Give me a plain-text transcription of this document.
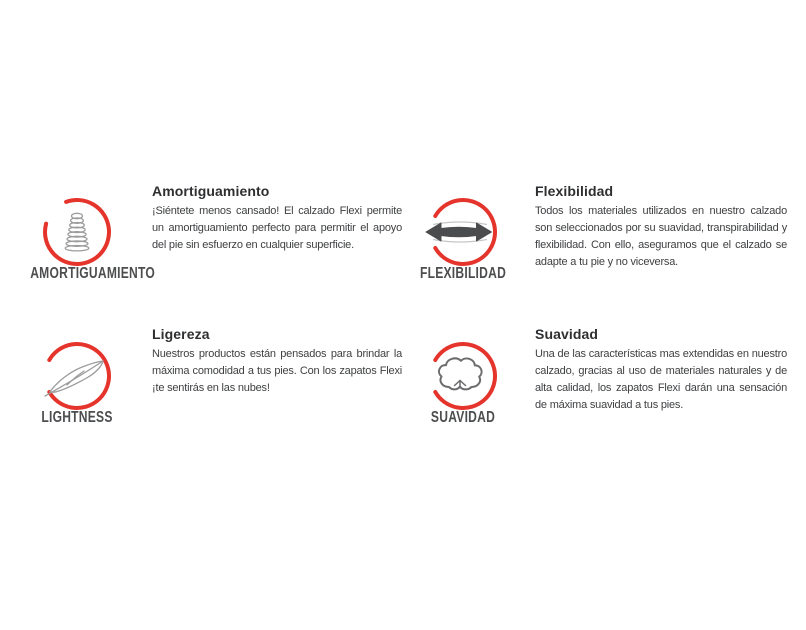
AMORTIGUAMIENTO
Amortiguamiento

¡Siéntete menos cansado! El calzado Flexi permite un amortiguamiento perfecto para permitir el apoyo del pie sin esfuerzo en cualquier superficie.

FLEXIBILIDAD
Flexibilidad

Todos los materiales utilizados en nuestro calzado son seleccionados por su suavidad, transpirabilidad y flexibilidad. Con ello, aseguramos que el calzado se adapte a tu pie y no viceversa.

LIGHTNESS
Ligereza

Nuestros productos están pensados para brindar la máxima comodidad a tus pies. Con los zapatos Flexi ¡te sentirás en las nubes!

SUAVIDAD
Suavidad

Una de las características mas extendidas en nuestro calzado, gracias al uso de materiales naturales y de alta calidad, los zapatos Flexi darán una sensación de máxima suavidad a tus pies.
